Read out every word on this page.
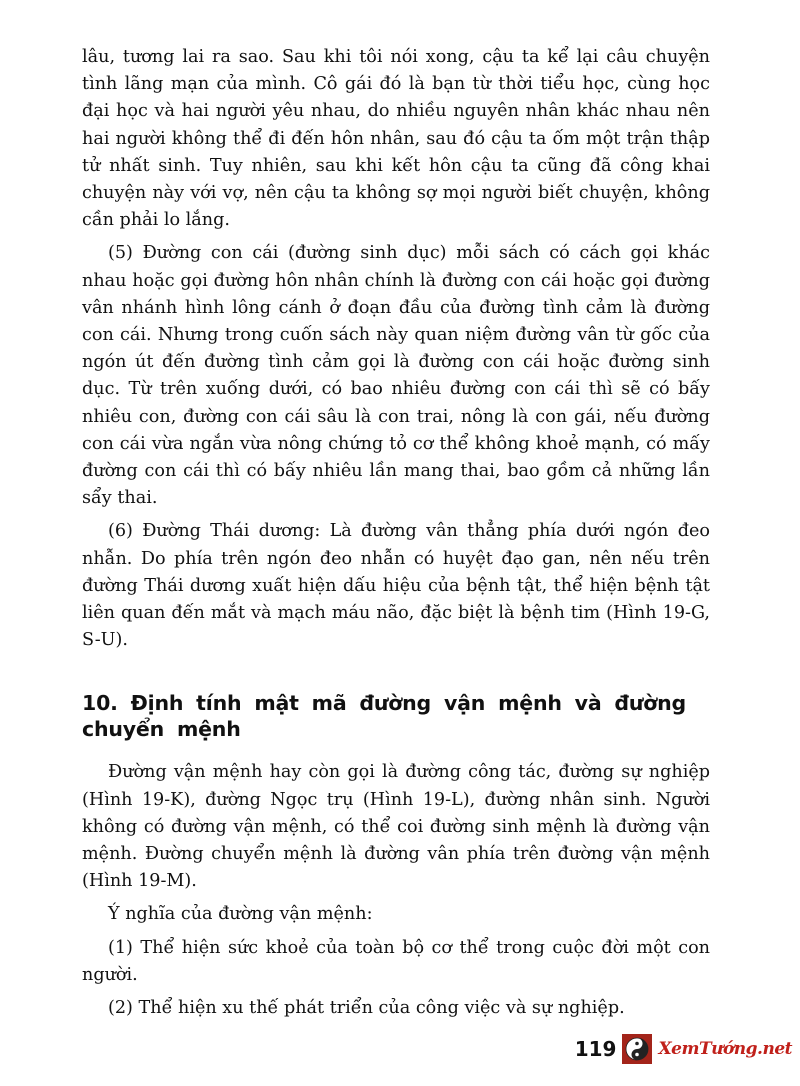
lâu, tương lai ra sao. Sau khi tôi nói xong, cậu ta kể lại câu chuyện tình lãng mạn của mình. Cô gái đó là bạn từ thời tiểu học, cùng học đại học và hai người yêu nhau, do nhiều nguyên nhân khác nhau nên hai người không thể đi đến hôn nhân, sau đó cậu ta ốm một trận thập tử nhất sinh. Tuy nhiên, sau khi kết hôn cậu ta cũng đã công khai chuyện này với vợ, nên cậu ta không sợ mọi người biết chuyện, không cần phải lo lắng.

(5) Đường con cái (đường sinh dục) mỗi sách có cách gọi khác nhau hoặc gọi đường hôn nhân chính là đường con cái hoặc gọi đường vân nhánh hình lông cánh ở đoạn đầu của đường tình cảm là đường con cái. Nhưng trong cuốn sách này quan niệm đường vân từ gốc của ngón út đến đường tình cảm gọi là đường con cái hoặc đường sinh dục. Từ trên xuống dưới, có bao nhiêu đường con cái thì sẽ có bấy nhiêu con, đường con cái sâu là con trai, nông là con gái, nếu đường con cái vừa ngắn vừa nông chứng tỏ cơ thể không khoẻ mạnh, có mấy đường con cái thì có bấy nhiêu lần mang thai, bao gồm cả những lần sẩy thai.

(6) Đường Thái dương: Là đường vân thẳng phía dưới ngón đeo nhẫn. Do phía trên ngón đeo nhẫn có huyệt đạo gan, nên nếu trên đường Thái dương xuất hiện dấu hiệu của bệnh tật, thể hiện bệnh tật liên quan đến mắt và mạch máu não, đặc biệt là bệnh tim (Hình 19-G, S-U).

10. Định tính mật mã đường vận mệnh và đường chuyển mệnh

Đường vận mệnh hay còn gọi là đường công tác, đường sự nghiệp (Hình 19-K), đường Ngọc trụ (Hình 19-L), đường nhân sinh. Người không có đường vận mệnh, có thể coi đường sinh mệnh là đường vận mệnh. Đường chuyển mệnh là đường vân phía trên đường vận mệnh (Hình 19-M).

Ý nghĩa của đường vận mệnh:

(1) Thể hiện sức khoẻ của toàn bộ cơ thể trong cuộc đời một con người.

(2) Thể hiện xu thế phát triển của công việc và sự nghiệp.

119 XemTướng.net
